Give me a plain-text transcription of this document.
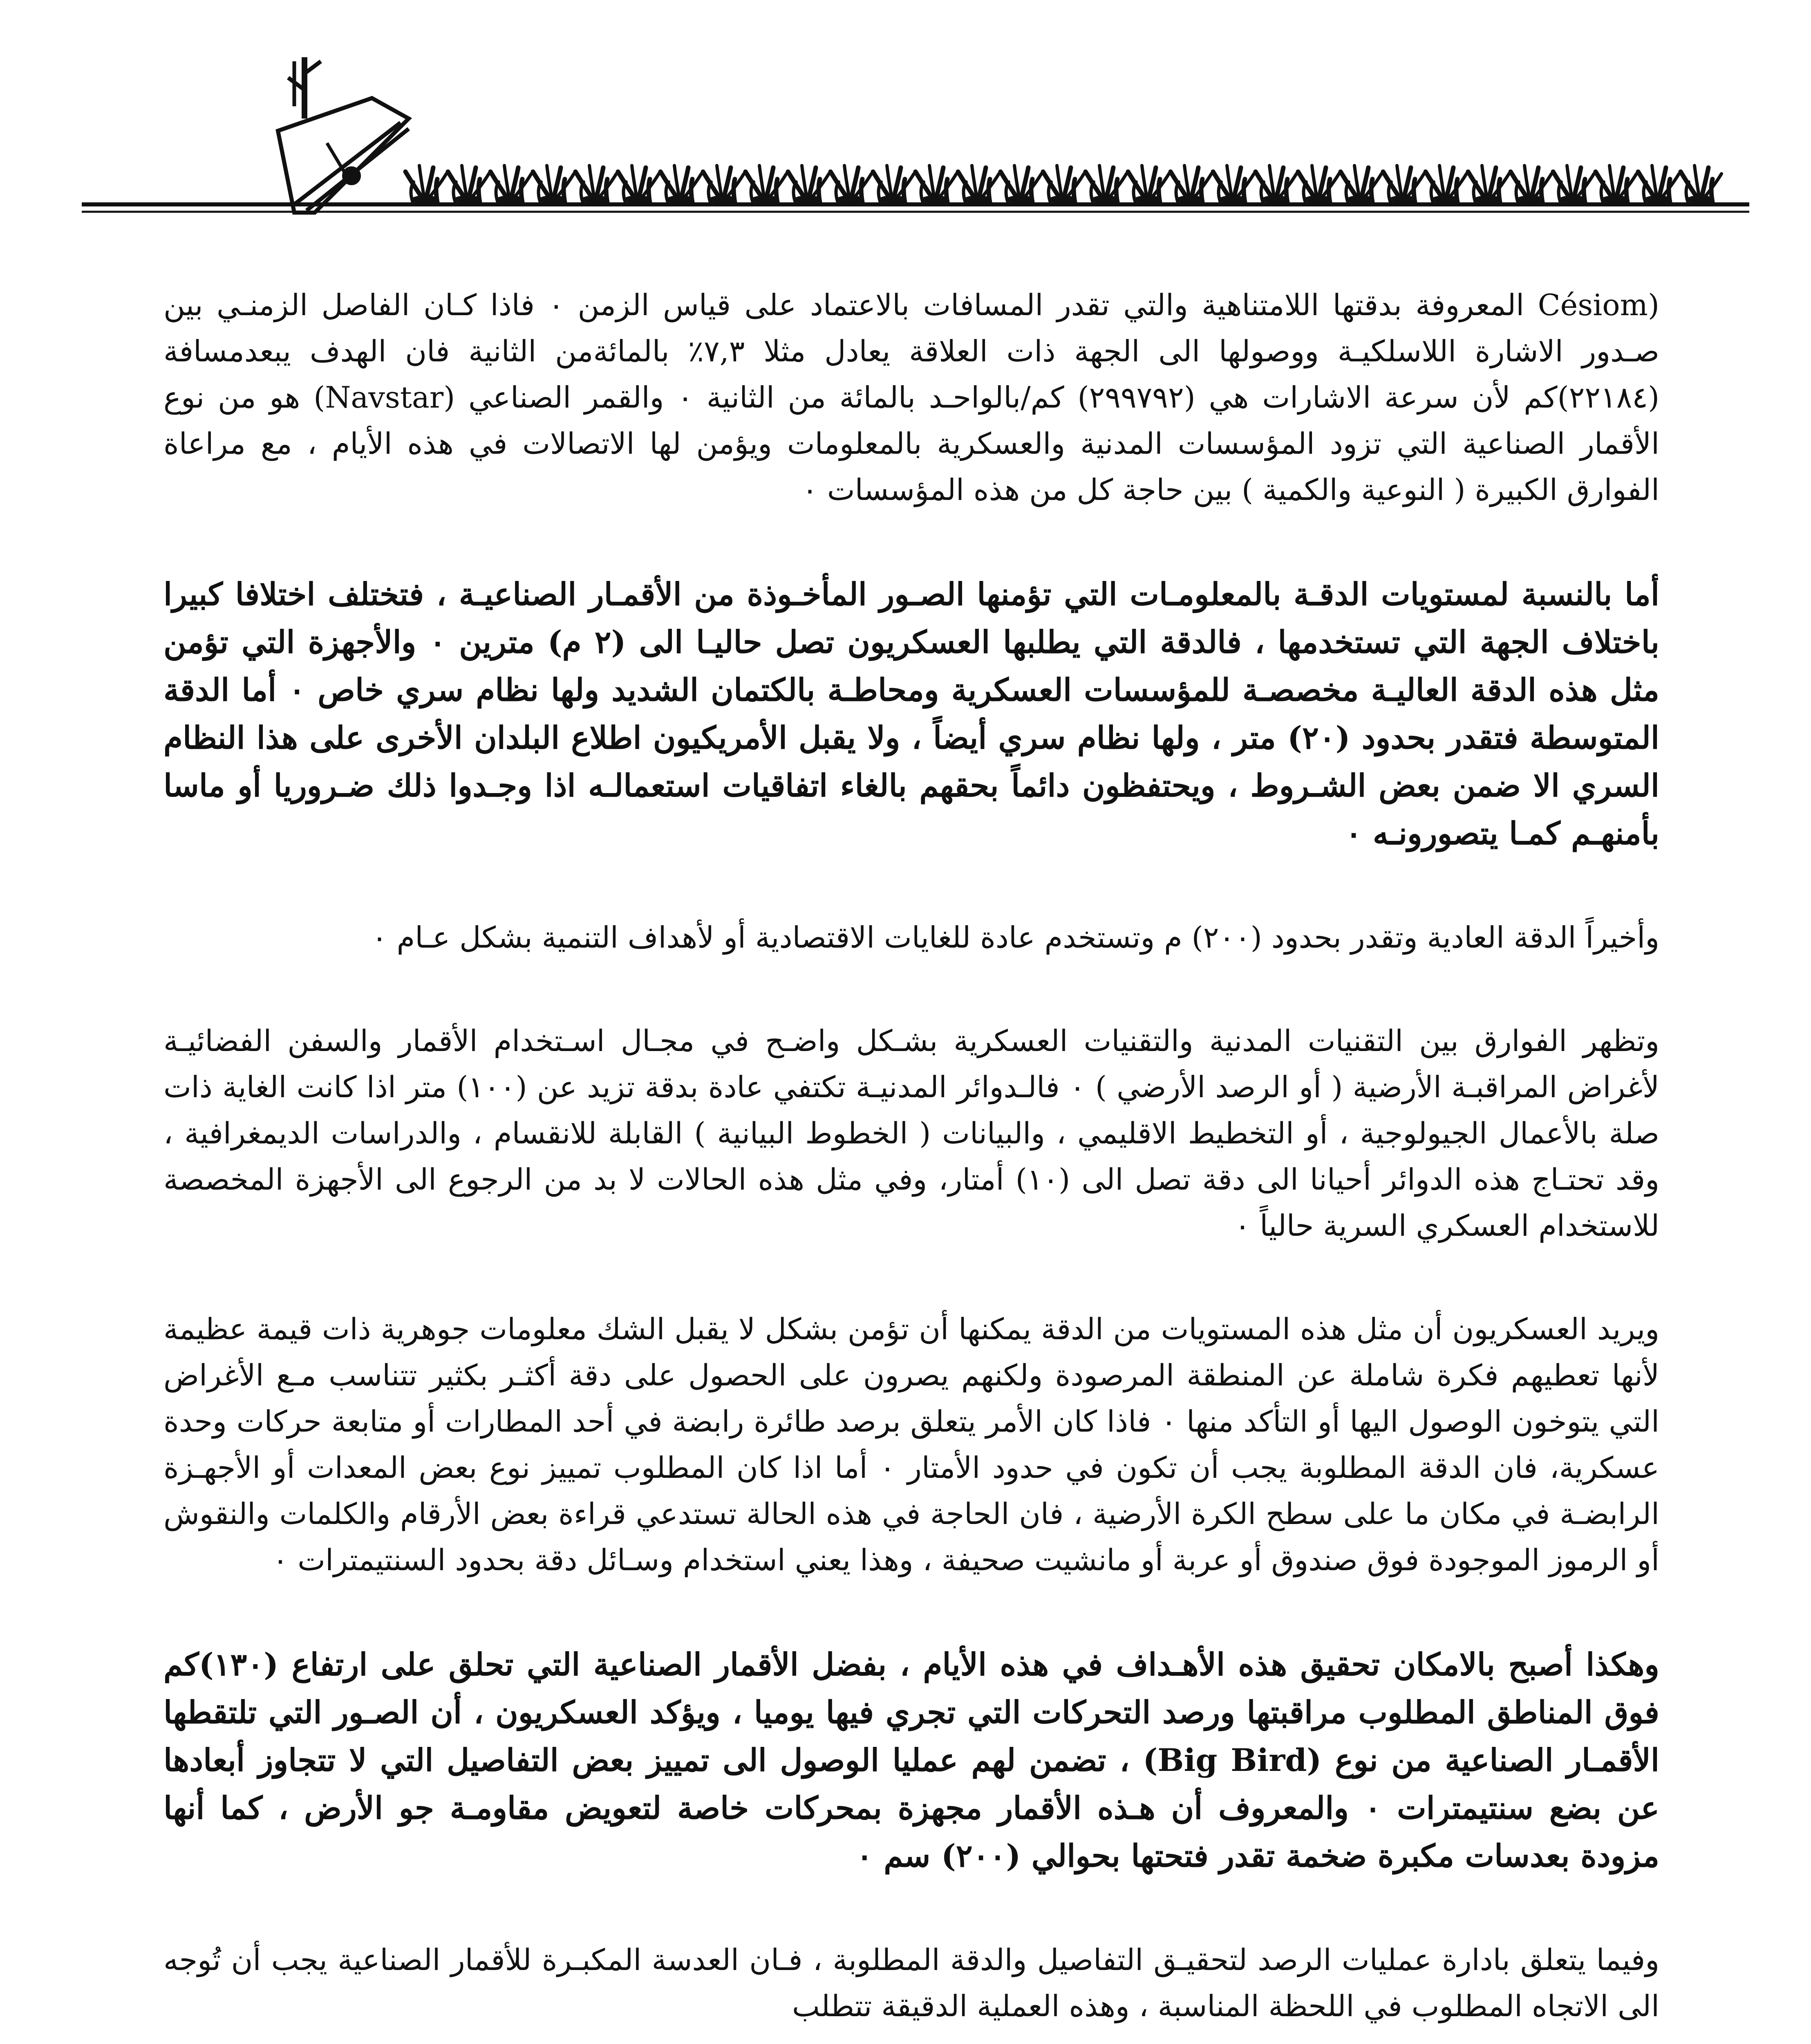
(Césiom المعروفة بدقتها اللامتناهية والتي تقدر المسافات بالاعتماد على قياس الزمن ٠ فاذا كـان الفاصل الزمنـي بين صـدور الاشارة اللاسلكيـة ووصولها الى الجهة ذات العلاقة يعادل مثلا ٧,٣٪ بالمائةمن الثانية فان الهدف يبعدمسافة (٢٢١٨٤)كم لأن سرعة الاشارات هي (٢٩٩٧٩٢) كم/بالواحـد بالمائة من الثانية ٠ والقمر الصناعي (Navstar) هو من نوع الأقمار الصناعية التي تزود المؤسسات المدنية والعسكرية بالمعلومات ويؤمن لها الاتصالات في هذه الأيام ، مع مراعاة الفوارق الكبيرة ( النوعية والكمية ) بين حاجة كل من هذه المؤسسات ٠

أما بالنسبة لمستويات الدقـة بالمعلومـات التي تؤمنها الصـور المأخـوذة من الأقمـار الصناعيـة ، فتختلف اختلافا كبيرا باختلاف الجهة التي تستخدمها ، فالدقة التي يطلبها العسكريون تصل حاليـا الى (٢ م) مترين ٠ والأجهزة التي تؤمن مثل هذه الدقة العاليـة مخصصـة للمؤسسات العسكرية ومحاطـة بالكتمان الشديد ولها نظام سري خاص ٠ أما الدقة المتوسطة فتقدر بحدود (٢٠) متر ، ولها نظام سري أيضاً ، ولا يقبل الأمريكيون اطلاع البلدان الأخرى على هذا النظام السري الا ضمن بعض الشـروط ، ويحتفظون دائماً بحقهم بالغاء اتفاقيات استعمالـه اذا وجـدوا ذلك ضـروريا أو ماسا بأمنهـم كمـا يتصورونـه ٠

وأخيراً الدقة العادية وتقدر بحدود (٢٠٠) م وتستخدم عادة للغايات الاقتصادية أو لأهداف التنمية بشكل عـام ٠

وتظهر الفوارق بين التقنيات المدنية والتقنيات العسكرية بشـكل واضـح في مجـال اسـتخدام الأقمار والسفن الفضائيـة لأغراض المراقبـة الأرضية ( أو الرصد الأرضي ) ٠ فالـدوائر المدنيـة تكتفي عادة بدقة تزيد عن (١٠٠) متر اذا كانت الغاية ذات صلة بالأعمال الجيولوجية ، أو التخطيط الاقليمي ، والبيانات ( الخطوط البيانية ) القابلة للانقسام ، والدراسات الديمغرافية ، وقد تحتـاج هذه الدوائر أحيانا الى دقة تصل الى (١٠) أمتار، وفي مثل هذه الحالات لا بد من الرجوع الى الأجهزة المخصصة للاستخدام العسكري السرية حالياً ٠

ويريد العسكريون أن مثل هذه المستويات من الدقة يمكنها أن تؤمن بشكل لا يقبل الشك معلومات جوهرية ذات قيمة عظيمة لأنها تعطيهم فكرة شاملة عن المنطقة المرصودة ولكنهم يصرون على الحصول على دقة أكثـر بكثير تتناسب مـع الأغراض التي يتوخون الوصول اليها أو التأكد منها ٠ فاذا كان الأمر يتعلق برصد طائرة رابضة في أحد المطارات أو متابعة حركات وحدة عسكرية، فان الدقة المطلوبة يجب أن تكون في حدود الأمتار ٠ أما اذا كان المطلوب تمييز نوع بعض المعدات أو الأجهـزة الرابضـة في مكان ما على سطح الكرة الأرضية ، فان الحاجة في هذه الحالة تستدعي قراءة بعض الأرقام والكلمات والنقوش أو الرموز الموجودة فوق صندوق أو عربة أو مانشيت صحيفة ، وهذا يعني استخدام وسـائل دقة بحدود السنتيمترات ٠

وهكذا أصبح بالامكان تحقيق هذه الأهـداف في هذه الأيام ، بفضل الأقمار الصناعية التي تحلق على ارتفاع (١٣٠)كم فوق المناطق المطلوب مراقبتها ورصد التحركات التي تجري فيها يوميا ، ويؤكد العسكريون ، أن الصـور التي تلتقطها الأقمـار الصناعية من نوع (Big Bird) ، تضمن لهم عمليا الوصول الى تمييز بعض التفاصيل التي لا تتجاوز أبعادها عن بضع سنتيمترات ٠ والمعروف أن هـذه الأقمار مجهزة بمحركات خاصة لتعويض مقاومـة جو الأرض ، كما أنها مزودة بعدسات مكبرة ضخمة تقدر فتحتها بحوالي (٢٠٠) سم ٠

وفيما يتعلق بادارة عمليات الرصد لتحقيـق التفاصيل والدقة المطلوبة ، فـان العدسة المكبـرة للأقمار الصناعية يجب أن تُوجه الى الاتجاه المطلوب في اللحظة المناسبة ، وهذه العملية الدقيقة تتطلب
